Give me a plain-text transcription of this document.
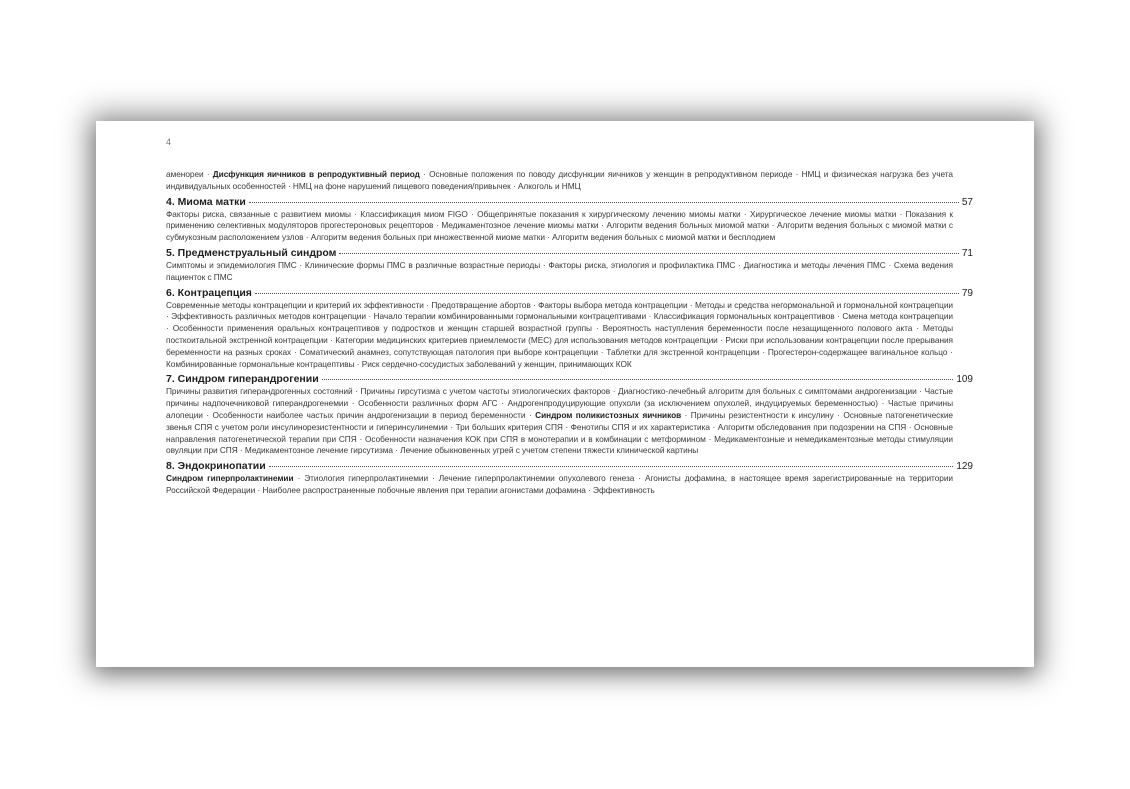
4

аменореи · Дисфункция яичников в репродуктивный период · Основные положения по поводу дисфункции яичников у женщин в репродуктивном периоде · НМЦ и физическая нагрузка без учета индивидуальных особенностей · НМЦ на фоне нарушений пищевого поведения/привычек · Алкоголь и НМЦ

4. Миома матки	57

Факторы риска, связанные с развитием миомы · Классификация миом FIGO · Общепринятые показания к хирургическому лечению миомы матки · Хирургическое лечение миомы матки · Показания к применению селективных модуляторов прогестероновых рецепторов · Медикаментозное лечение миомы матки · Алгоритм ведения больных миомой матки · Алгоритм ведения больных с миомой матки с субмукозным расположением узлов · Алгоритм ведения больных при множественной миоме матки · Алгоритм ведения больных с миомой матки и бесплодием

5. Предменструальный синдром	71

Симптомы и эпидемиология ПМС · Клинические формы ПМС в различные возрастные периоды · Факторы риска, этиология и профилактика ПМС · Диагностика и методы лечения ПМС · Схема ведения пациенток с ПМС

6. Контрацепция	79

Современные методы контрацепции и критерий их эффективности · Предотвращение абортов · Факторы выбора метода контрацепции · Методы и средства негормональной и гормональной контрацепции · Эффективность различных методов контрацепции · Начало терапии комбинированными гормональными контрацептивами · Классификация гормональных контрацептивов · Смена метода контрацепции · Особенности применения оральных контрацептивов у подростков и женщин старшей возрастной группы · Вероятность наступления беременности после незащищенного полового акта · Методы посткоитальной экстренной контрацепции · Категории медицинских критериев приемлемости (MEC) для использования методов контрацепции · Риски при использовании контрацепции после прерывания беременности на разных сроках · Соматический анамнез, сопутствующая патология при выборе контрацепции · Таблетки для экстренной контрацепции · Прогестерон-содержащее вагинальное кольцо · Комбинированные гормональные контрацептивы · Риск сердечно-сосудистых заболеваний у женщин, принимающих КОК

7. Синдром гиперандрогении	109

Причины развития гиперандрогенных состояний · Причины гирсутизма с учетом частоты этиологических факторов · Диагностико-лечебный алгоритм для больных с симптомами андрогенизации · Частые причины надпочечниковой гиперандрогенемии · Особенности различных форм АГС · Андрогенпродуцирующие опухоли (за исключением опухолей, индуцируемых беременностью) · Частые причины алопеции · Особенности наиболее частых причин андрогенизации в период беременности · Синдром поликистозных яичников · Причины резистентности к инсулину · Основные патогенетические звенья СПЯ с учетом роли инсулинорезистентности и гиперинсулинемии · Три больших критерия СПЯ · Фенотипы СПЯ и их характеристика · Алгоритм обследования при подозрении на СПЯ · Основные направления патогенетической терапии при СПЯ · Особенности назначения КОК при СПЯ в монотерапии и в комбинации с метформином · Медикаментозные и немедикаментозные методы стимуляции овуляции при СПЯ · Медикаментозное лечение гирсутизма · Лечение обыкновенных угрей с учетом степени тяжести клинической картины

8. Эндокринопатии	129

Синдром гиперпролактинемии · Этиология гиперпролактинемии · Лечение гиперпролактинемии опухолевого генеза · Агонисты дофамина, в настоящее время зарегистрированные на территории Российской Федерации · Наиболее распространенные побочные явления при терапии агонистами дофамина · Эффективность
